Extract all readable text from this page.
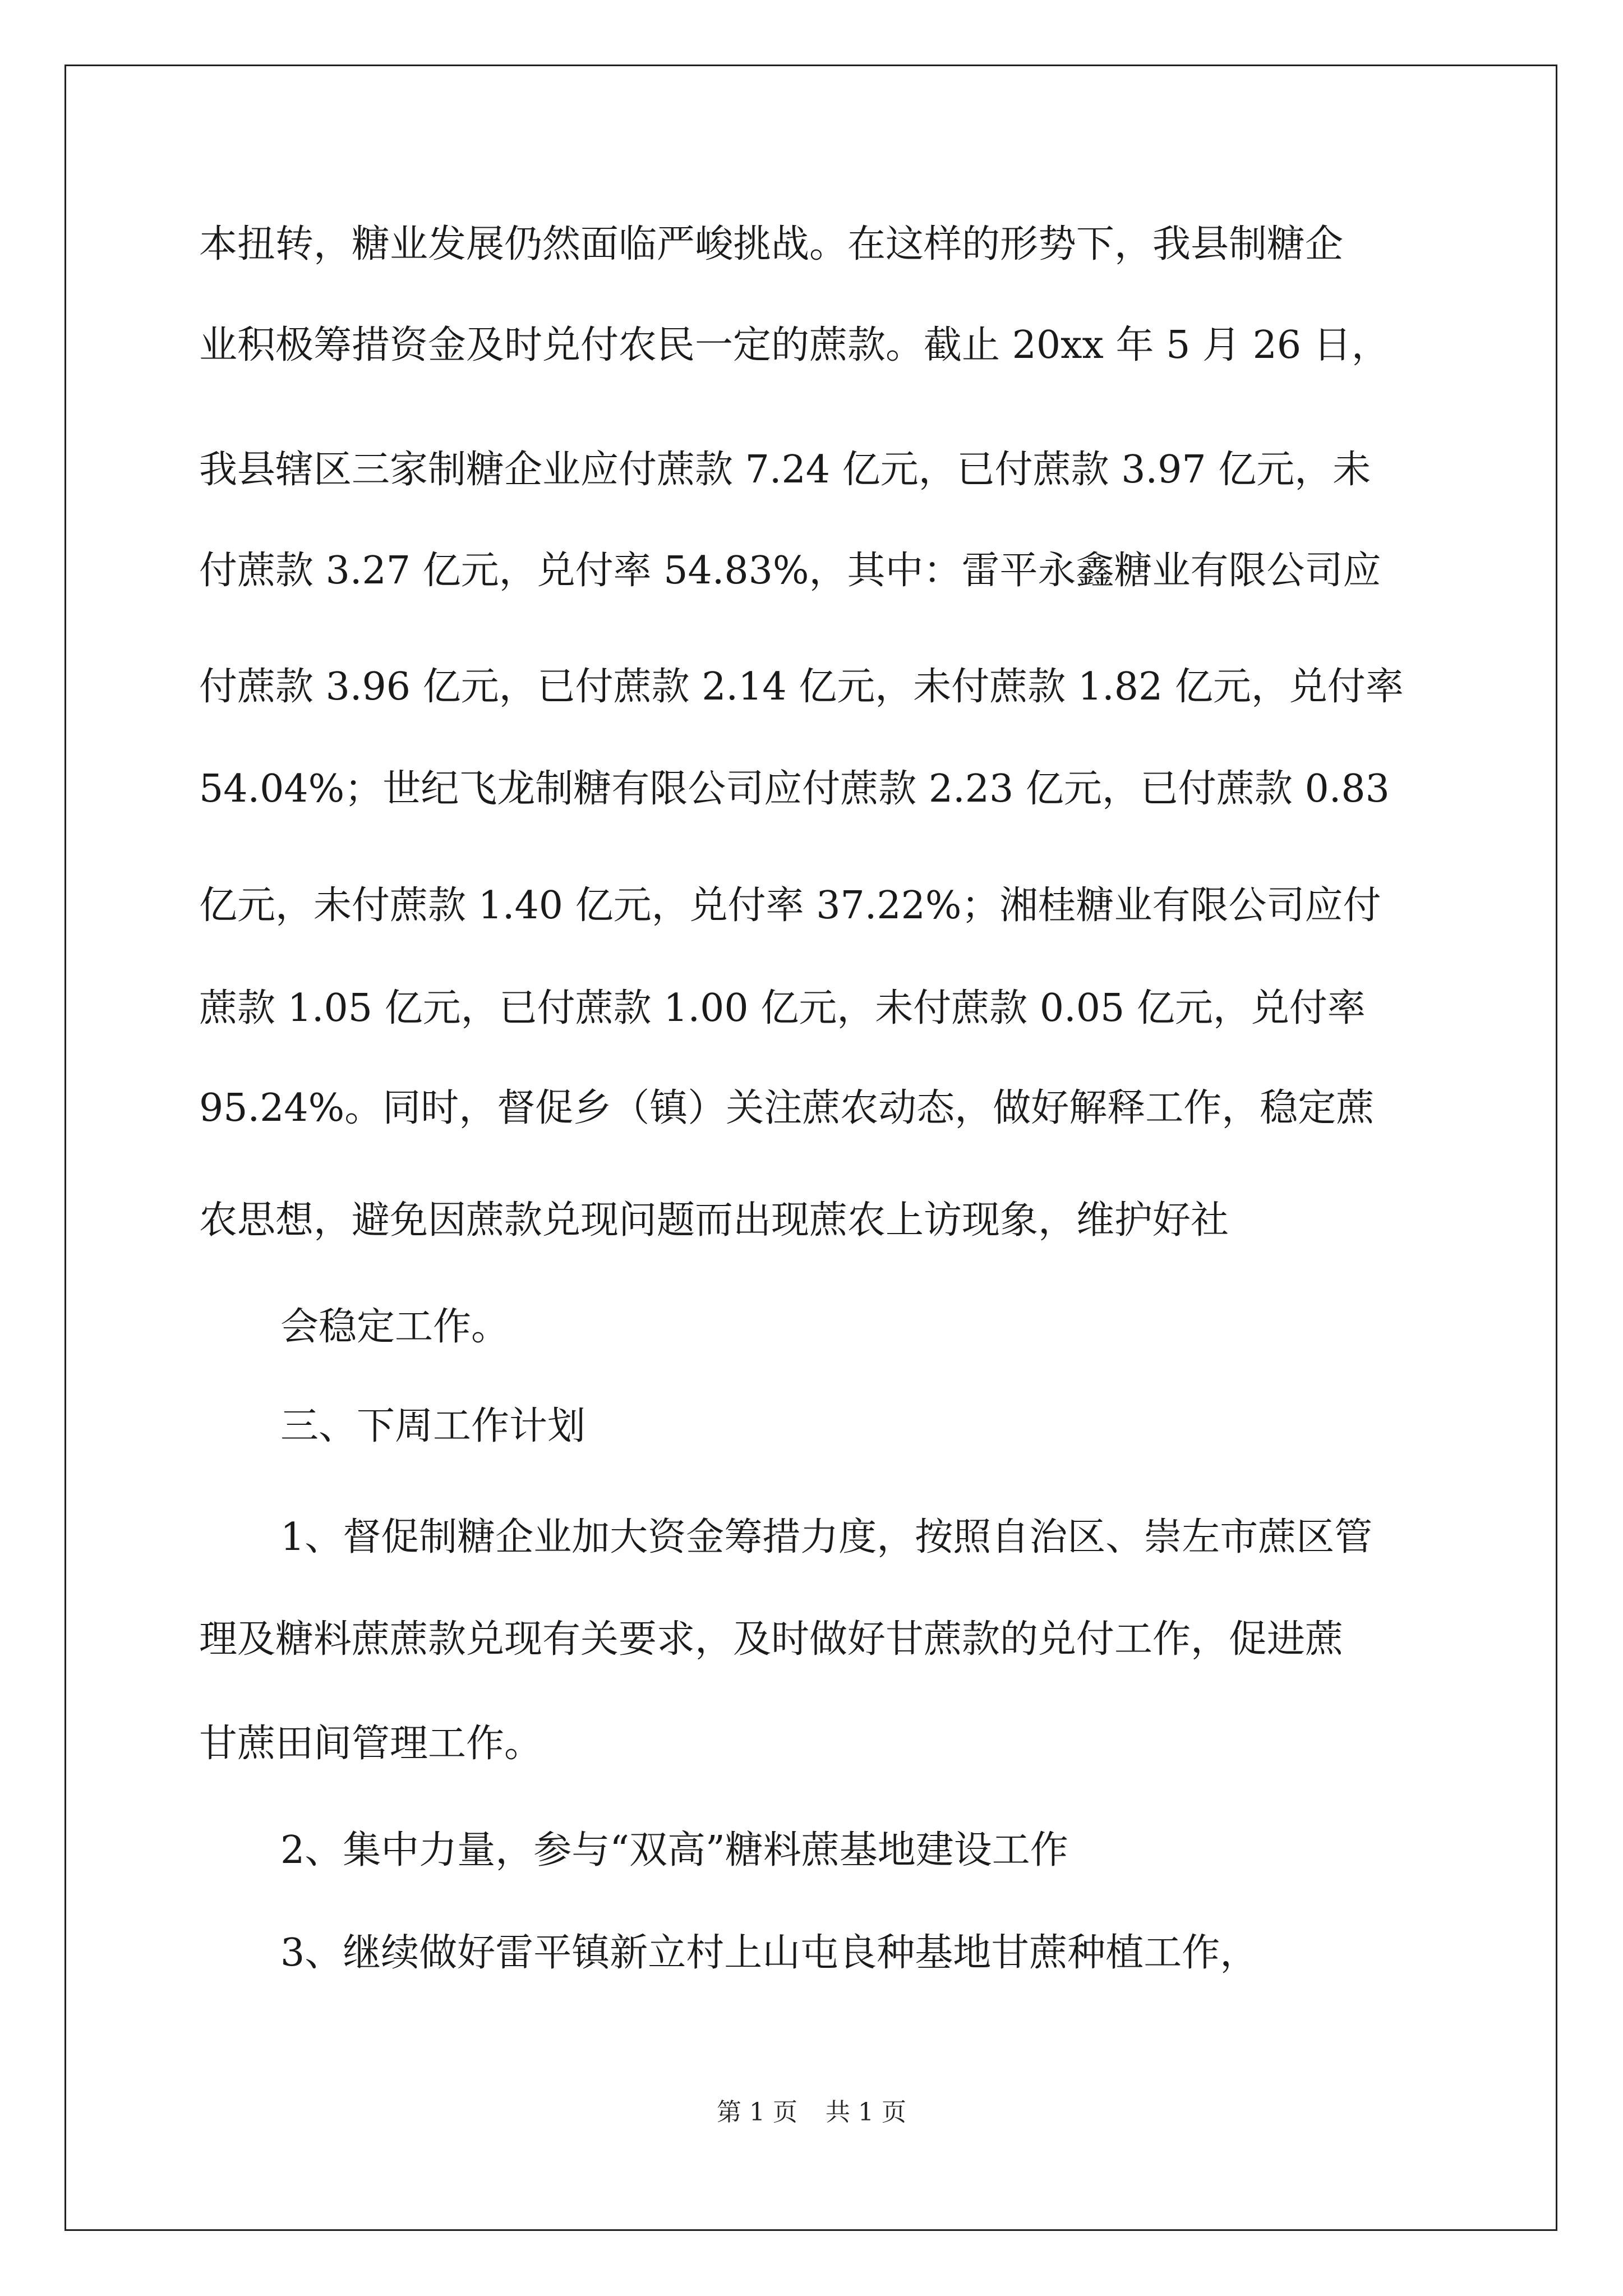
本扭转，糖业发展仍然面临严峻挑战。在这样的形势下，我县制糖企
业积极筹措资金及时兑付农民一定的蔗款。截止 20xx 年 5 月 26 日，
我县辖区三家制糖企业应付蔗款 7.24 亿元，已付蔗款 3.97 亿元，未
付蔗款 3.27 亿元，兑付率 54.83%，其中：雷平永鑫糖业有限公司应
付蔗款 3.96 亿元，已付蔗款 2.14 亿元，未付蔗款 1.82 亿元，兑付率
54.04%；世纪飞龙制糖有限公司应付蔗款 2.23 亿元，已付蔗款 0.83
亿元，未付蔗款 1.40 亿元，兑付率 37.22%；湘桂糖业有限公司应付
蔗款 1.05 亿元，已付蔗款 1.00 亿元，未付蔗款 0.05 亿元，兑付率
95.24%。同时，督促乡（镇）关注蔗农动态，做好解释工作，稳定蔗
农思想，避免因蔗款兑现问题而出现蔗农上访现象，维护好社
会稳定工作。
三、下周工作计划
1、督促制糖企业加大资金筹措力度，按照自治区、崇左市蔗区管
理及糖料蔗蔗款兑现有关要求，及时做好甘蔗款的兑付工作，促进蔗
甘蔗田间管理工作。
2、集中力量，参与“双高”糖料蔗基地建设工作
3、继续做好雷平镇新立村上山屯良种基地甘蔗种植工作，
第 1 页 共 1 页
